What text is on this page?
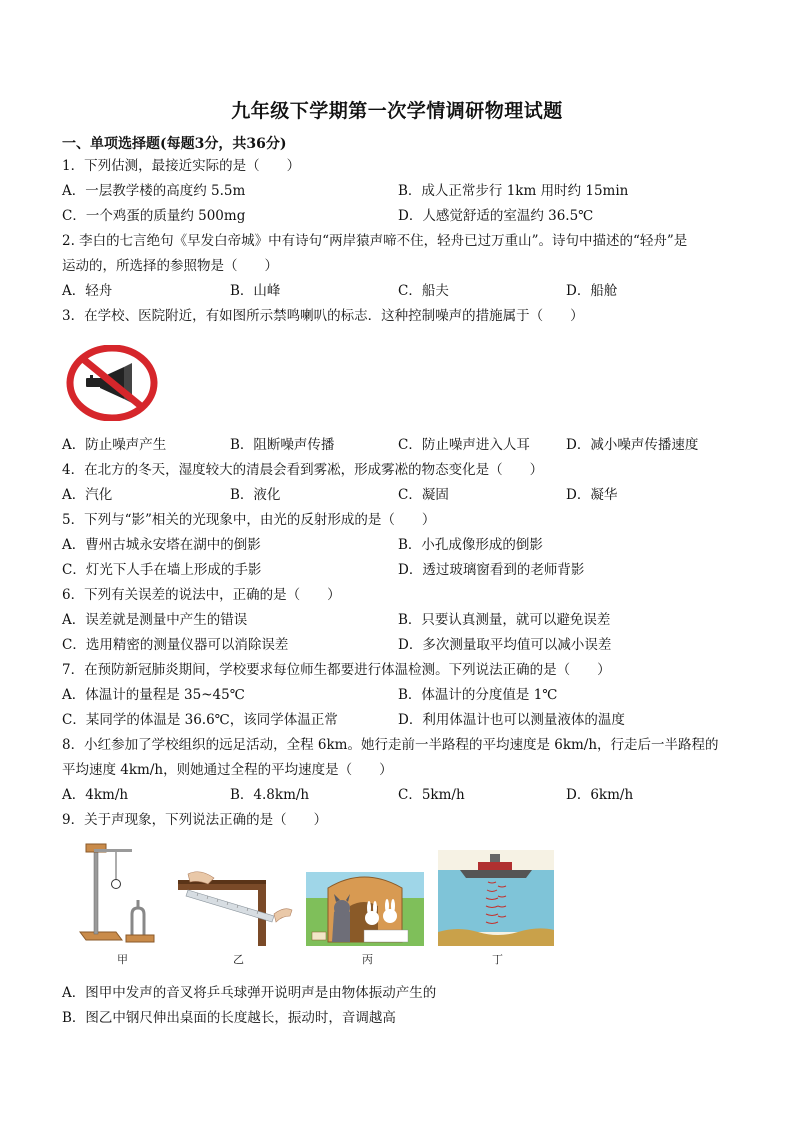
九年级下学期第一次学情调研物理试题
一、单项选择题(每题3分，共36分)
1．下列估测，最接近实际的是（　　）
A．一层教学楼的高度约 5.5m	B．成人正常步行 1km 用时约 15min
C．一个鸡蛋的质量约 500mg	D．人感觉舒适的室温约 36.5℃
2. 李白的七言绝句《早发白帝城》中有诗句“两岸猿声啼不住，轻舟已过万重山”。诗句中描述的“轻舟”是
运动的，所选择的参照物是（　　）
A．轻舟	B．山峰	C．船夫	D．船舱
3．在学校、医院附近，有如图所示禁鸣喇叭的标志．这种控制噪声的措施属于（　　）
A．防止噪声产生	B．阻断噪声传播	C．防止噪声进入人耳	D．减小噪声传播速度
4．在北方的冬天，湿度较大的清晨会看到雾凇，形成雾凇的物态变化是（　　）
A．汽化	B．液化	C．凝固	D．凝华
5．下列与“影”相关的光现象中，由光的反射形成的是（　　）
A．曹州古城永安塔在湖中的倒影	B．小孔成像形成的倒影
C．灯光下人手在墙上形成的手影	D．透过玻璃窗看到的老师背影
6．下列有关误差的说法中，正确的是（　　）
A．误差就是测量中产生的错误	B．只要认真测量，就可以避免误差
C．选用精密的测量仪器可以消除误差	D．多次测量取平均值可以减小误差
7．在预防新冠肺炎期间，学校要求每位师生都要进行体温检测。下列说法正确的是（　　）
A．体温计的量程是 35~45℃	B．体温计的分度值是 1℃
C．某同学的体温是 36.6℃，该同学体温正常	D．利用体温计也可以测量液体的温度
8．小红参加了学校组织的远足活动，全程 6km。她行走前一半路程的平均速度是 6km/h，行走后一半路程的
平均速度 4km/h，则她通过全程的平均速度是（　　）
A．4km/h	B．4.8km/h	C．5km/h	D．6km/h
9．关于声现象，下列说法正确的是（　　）
甲	乙	丙	丁
A．图甲中发声的音叉将乒乓球弹开说明声是由物体振动产生的
B．图乙中钢尺伸出桌面的长度越长，振动时，音调越高
